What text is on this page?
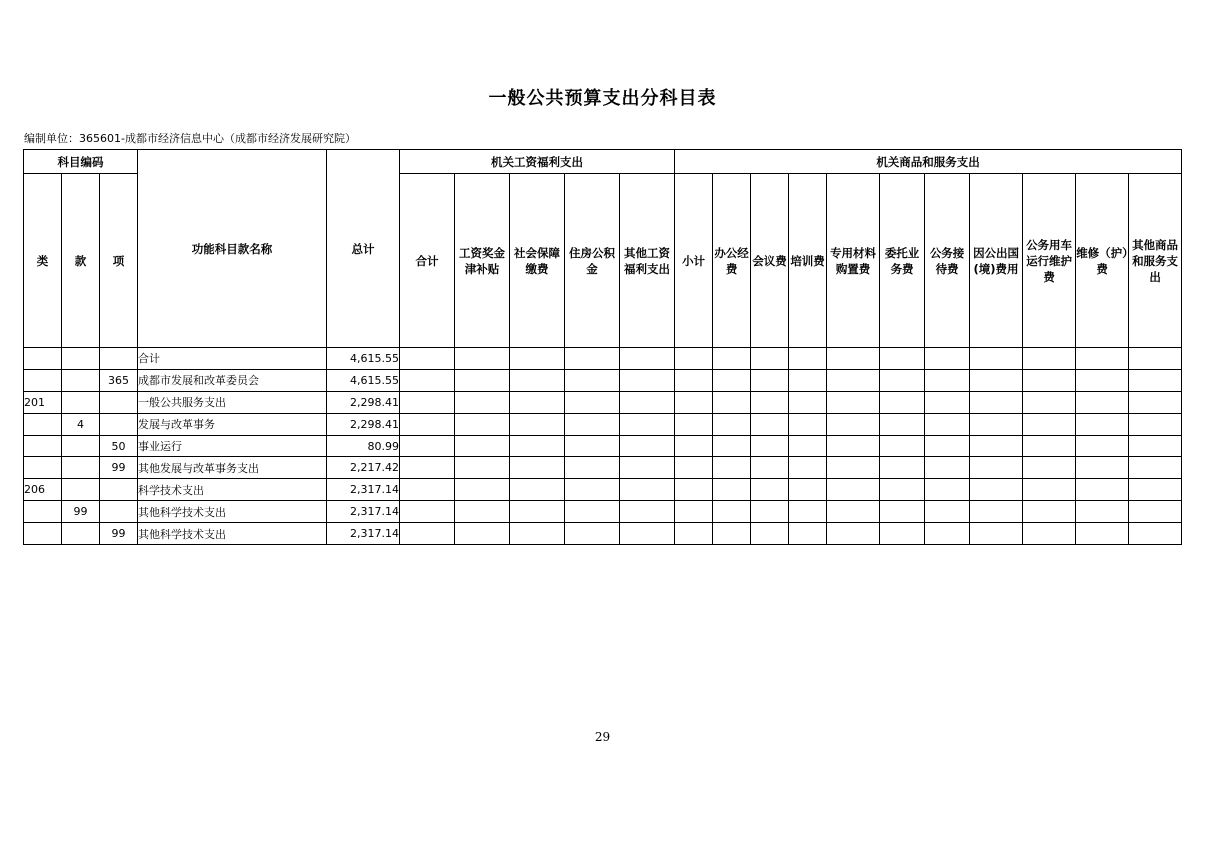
一般公共预算支出分科目表
编制单位：365601-成都市经济信息中心（成都市经济发展研究院）
科目编码			功能科目款名称	总计	机关工资福利支出					机关商品和服务支出										
类	款	项			合计	工资奖金津补贴	社会保障缴费	住房公积金	其他工资福利支出	小计	办公经费	会议费	培训费	专用材料购置费	委托业务费	公务接待费	因公出国(境)费用	公务用车运行维护费	维修（护）费	其他商品和服务支出
			合计	4,615.55																
		365	成都市发展和改革委员会	4,615.55																
201			一般公共服务支出	2,298.41																
	4		发展与改革事务	2,298.41																
		50	事业运行	80.99																
		99	其他发展与改革事务支出	2,217.42																
206			科学技术支出	2,317.14																
	99		其他科学技术支出	2,317.14																
		99	其他科学技术支出	2,317.14																
29
